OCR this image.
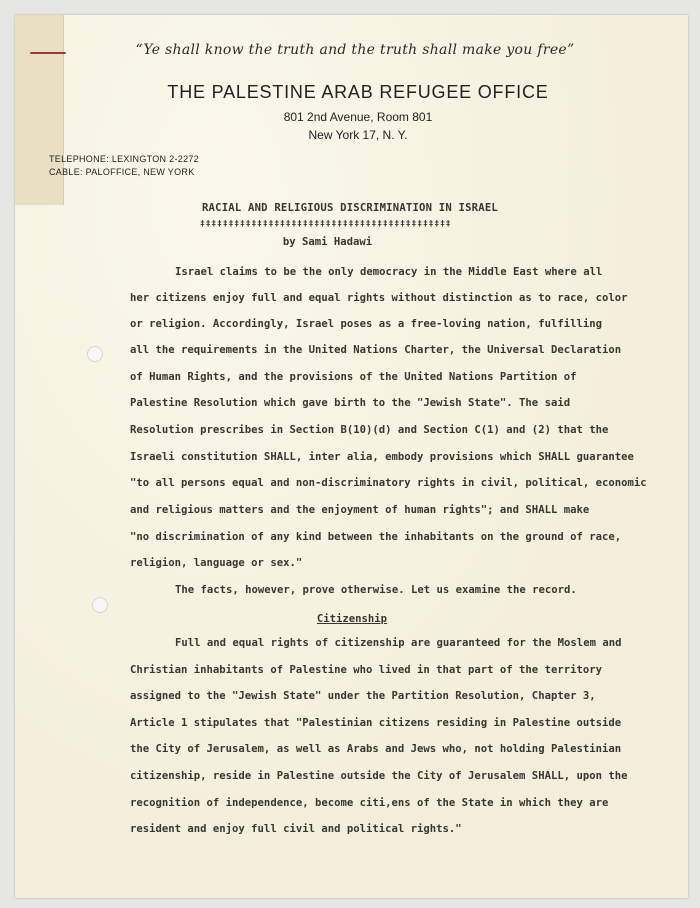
“Ye shall know the truth and the truth shall make you free”
THE PALESTINE ARAB REFUGEE OFFICE
801 2nd Avenue, Room 801
New York 17, N. Y.
TELEPHONE: LEXINGTON 2-2272
CABLE: PALOFFICE, NEW YORK
RACIAL AND RELIGIOUS DISCRIMINATION IN ISRAEL
‡‡‡‡‡‡‡‡‡‡‡‡‡‡‡‡‡‡‡‡‡‡‡‡‡‡‡‡‡‡‡‡‡‡‡‡‡‡‡‡‡‡‡‡
by Sami Hadawi
Israel claims to be the only democracy in the Middle East where all
her citizens enjoy full and equal rights without distinction as to race, color
or religion. Accordingly, Israel poses as a free-loving nation, fulfilling
all the requirements in the United Nations Charter, the Universal Declaration
of Human Rights, and the provisions of the United Nations Partition of
Palestine Resolution which gave birth to the "Jewish State". The said
Resolution prescribes in Section B(10)(d) and Section C(1) and (2) that the
Israeli constitution SHALL, inter alia, embody provisions which SHALL guarantee
"to all persons equal and non-discriminatory rights in civil, political, economic
and religious matters and the enjoyment of human rights"; and SHALL make
"no discrimination of any kind between the inhabitants on the ground of race,
religion, language or sex."
The facts, however, prove otherwise. Let us examine the record.
Citizenship
Full and equal rights of citizenship are guaranteed for the Moslem and
Christian inhabitants of Palestine who lived in that part of the territory
assigned to the "Jewish State" under the Partition Resolution, Chapter 3,
Article 1 stipulates that "Palestinian citizens residing in Palestine outside
the City of Jerusalem, as well as Arabs and Jews who, not holding Palestinian
citizenship, reside in Palestine outside the City of Jerusalem SHALL, upon the
recognition of independence, become citi,ens of the State in which they are
resident and enjoy full civil and political rights."
